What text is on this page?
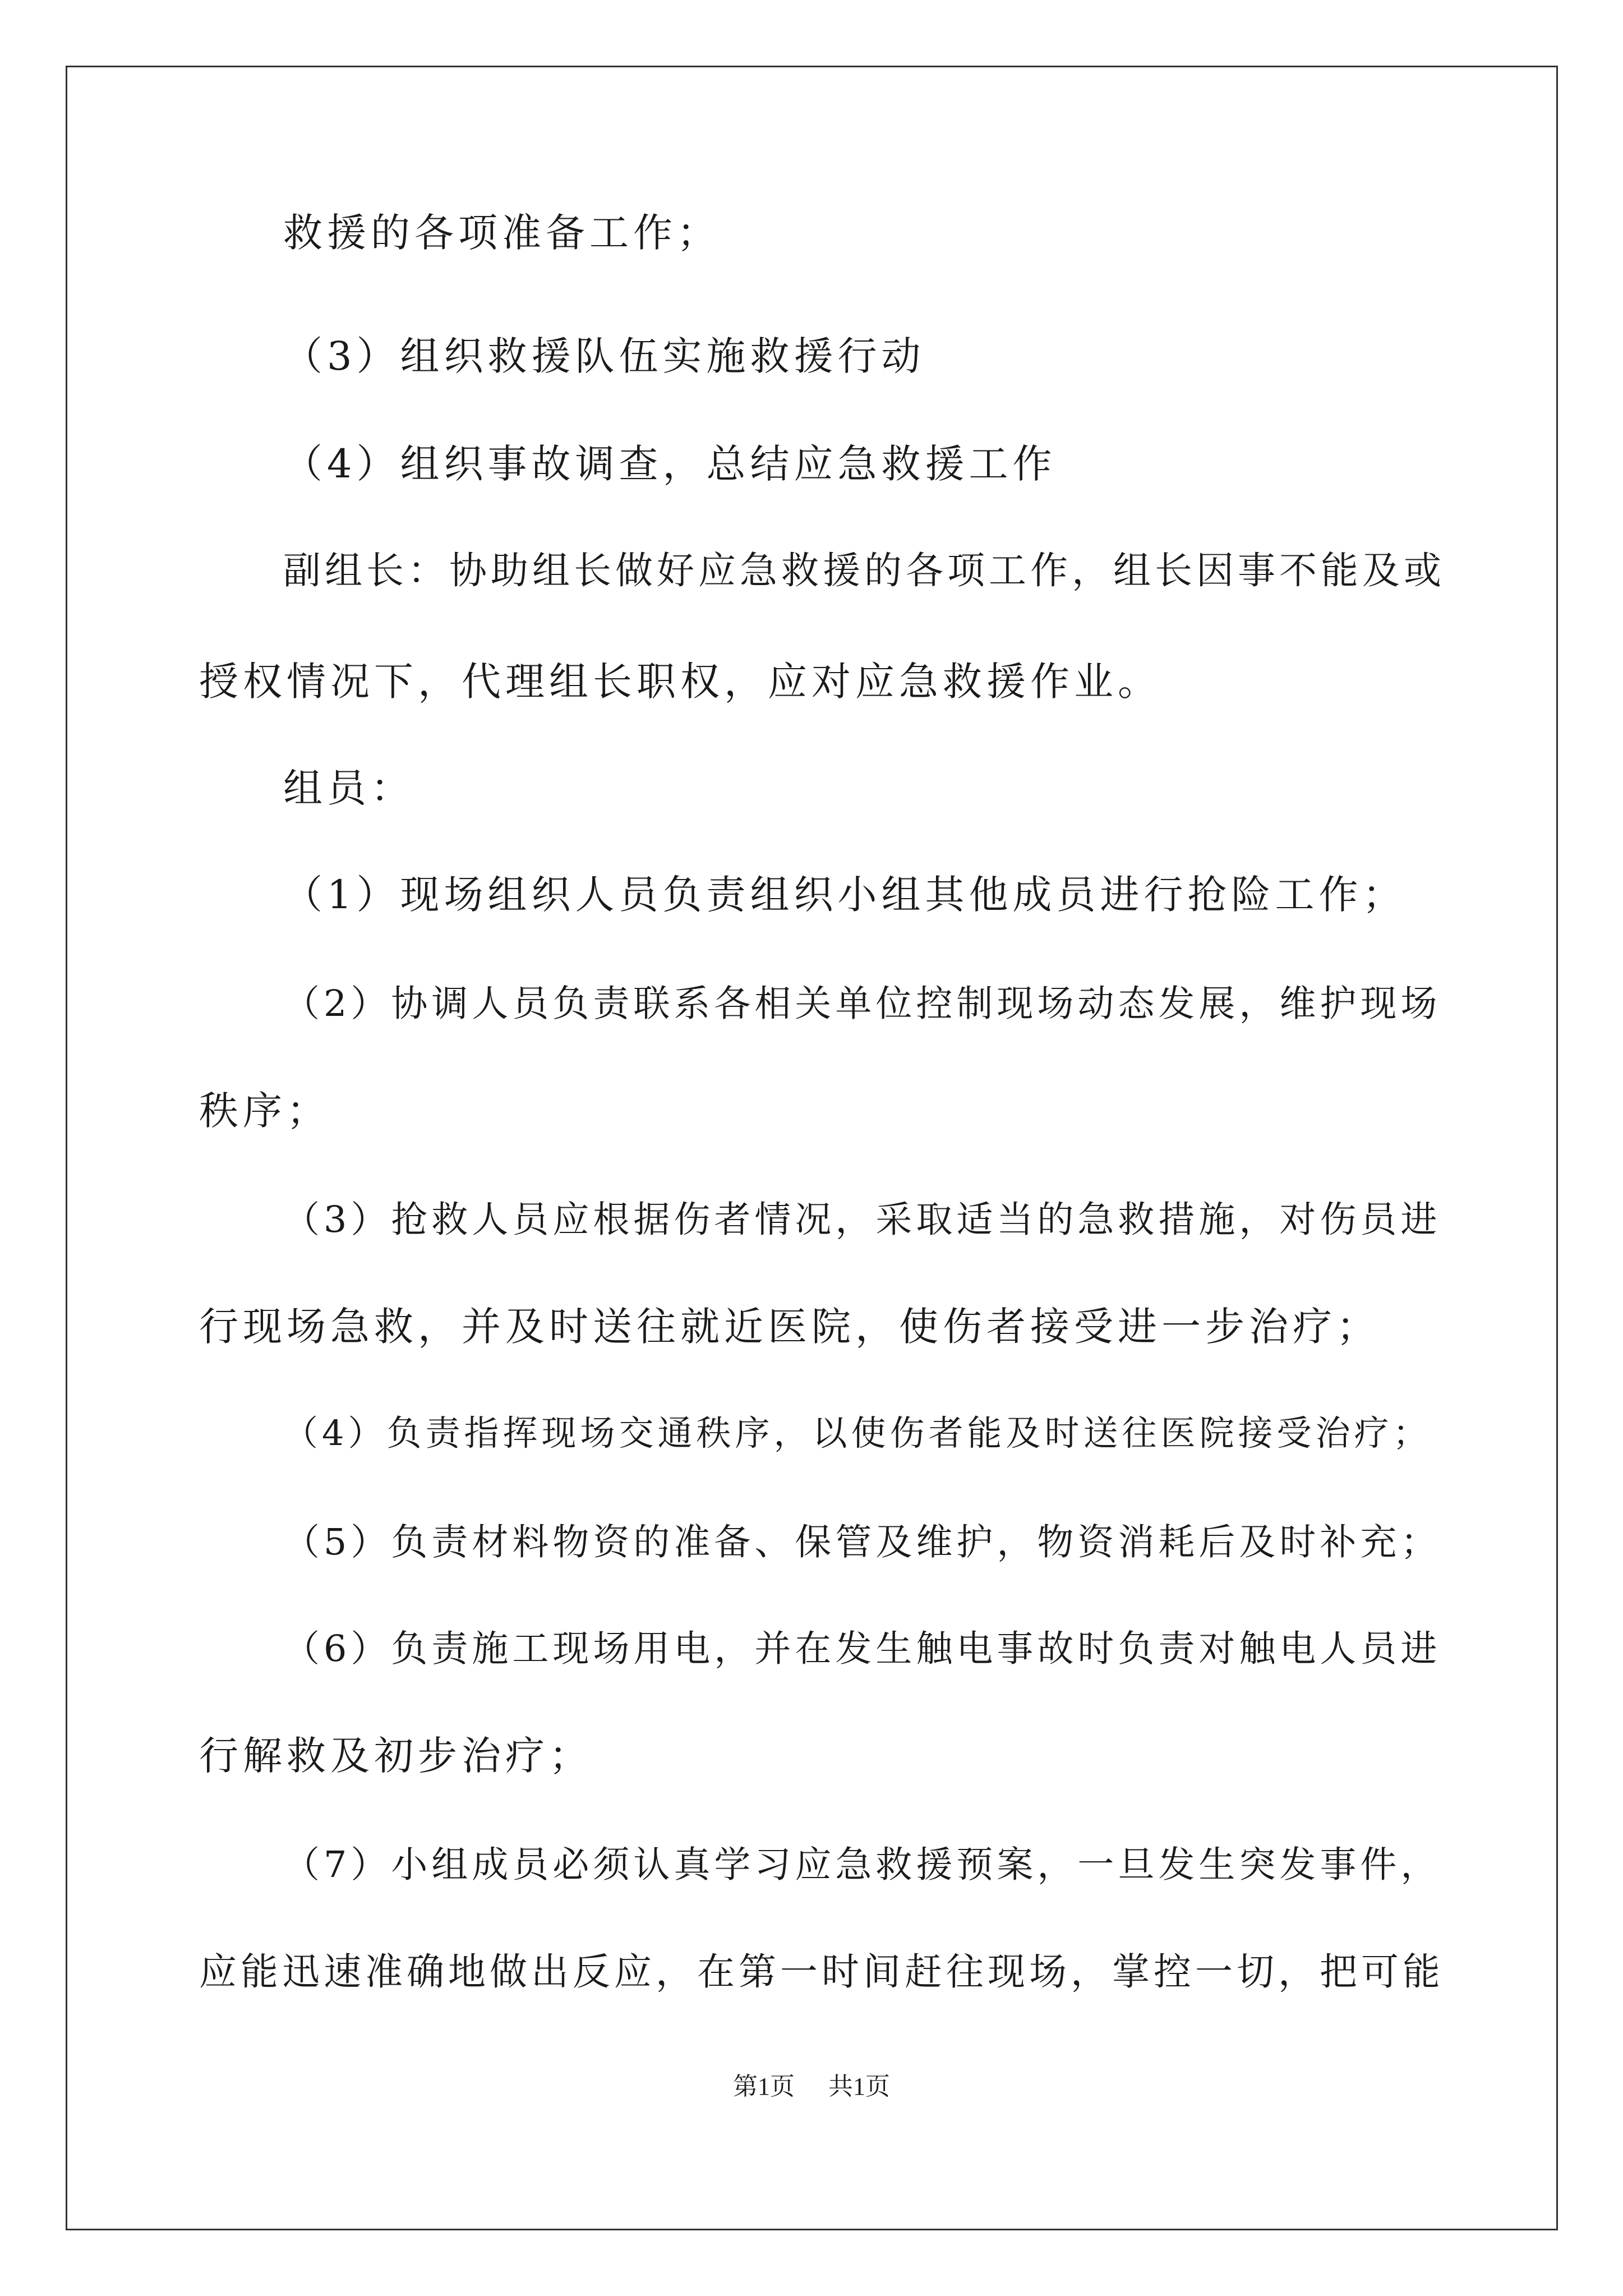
救援的各项准备工作；
（3）组织救援队伍实施救援行动
（4）组织事故调查，总结应急救援工作
副组长：协助组长做好应急救援的各项工作，组长因事不能及或
授权情况下，代理组长职权，应对应急救援作业。
组员：
（1）现场组织人员负责组织小组其他成员进行抢险工作；
（2）协调人员负责联系各相关单位控制现场动态发展，维护现场
秩序；
（3）抢救人员应根据伤者情况，采取适当的急救措施，对伤员进
行现场急救，并及时送往就近医院，使伤者接受进一步治疗；
（4）负责指挥现场交通秩序，以使伤者能及时送往医院接受治疗；
（5）负责材料物资的准备、保管及维护，物资消耗后及时补充；
（6）负责施工现场用电，并在发生触电事故时负责对触电人员进
行解救及初步治疗；
（7）小组成员必须认真学习应急救援预案，一旦发生突发事件，
应能迅速准确地做出反应，在第一时间赶往现场，掌控一切，把可能
第1页 共1页
